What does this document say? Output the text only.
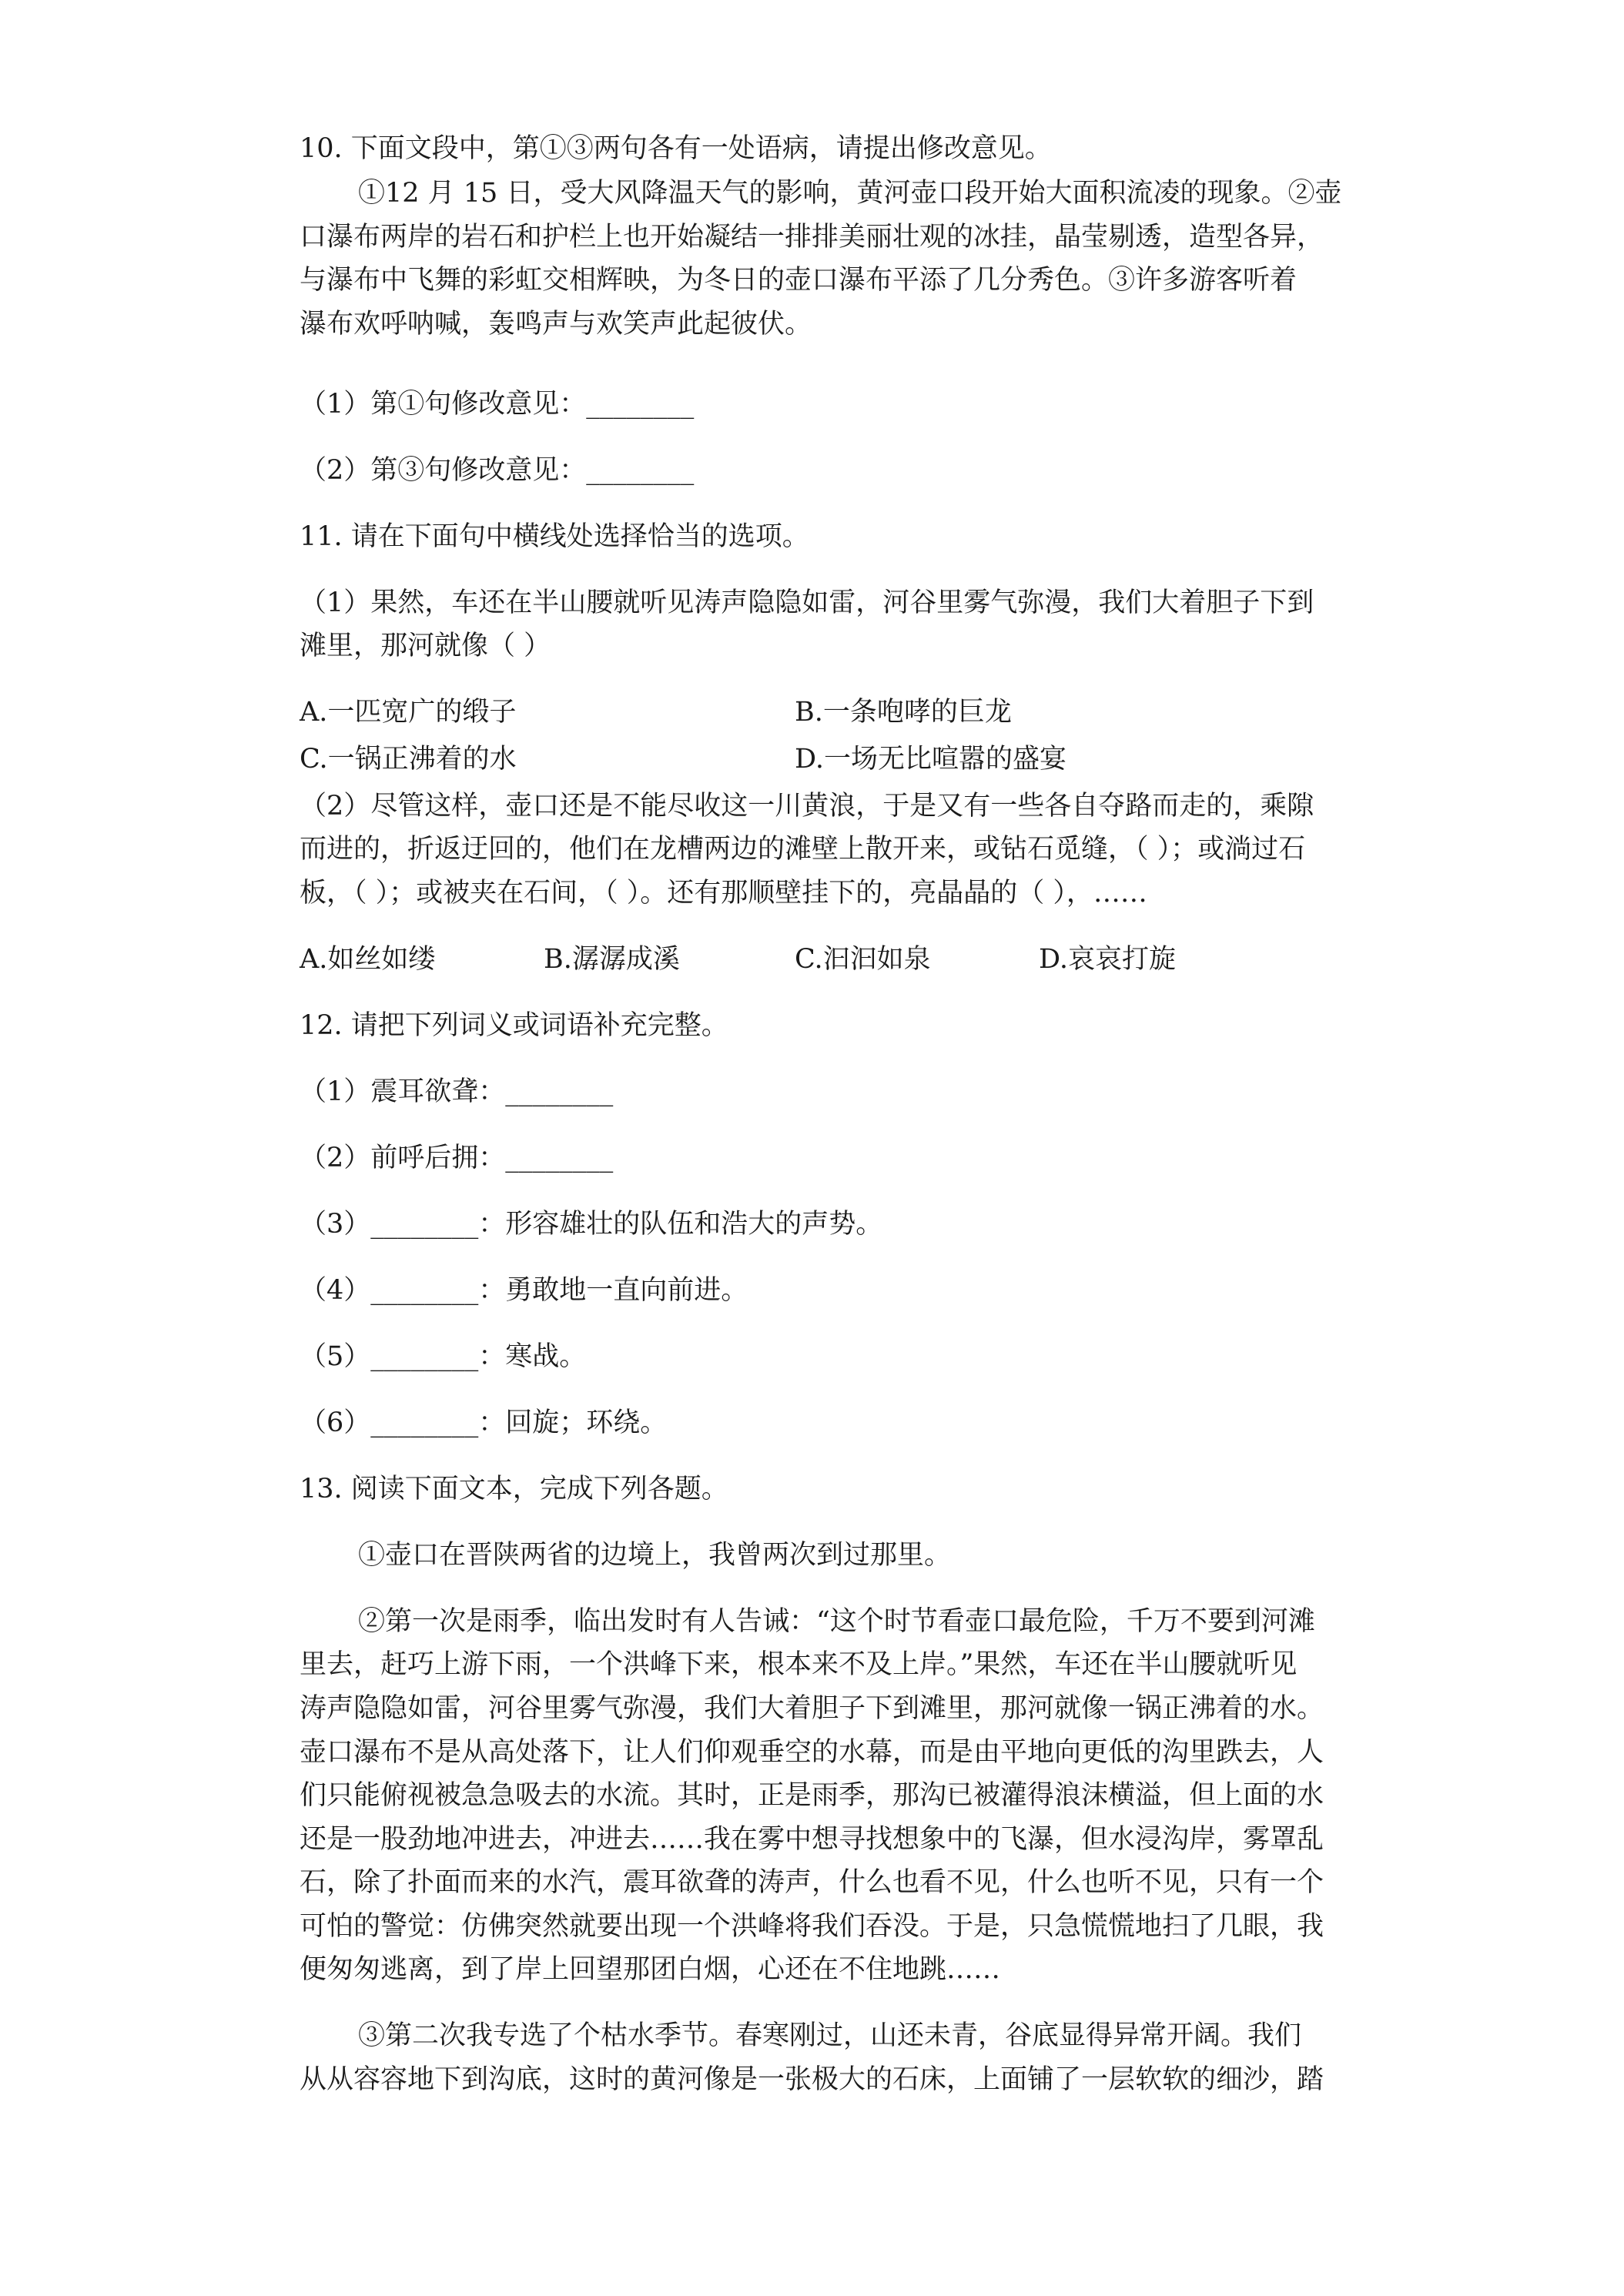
10. 下面文段中，第①③两句各有一处语病，请提出修改意见。
①12 月 15 日，受大风降温天气的影响，黄河壶口段开始大面积流凌的现象。②壶
口瀑布两岸的岩石和护栏上也开始凝结一排排美丽壮观的冰挂，晶莹剔透，造型各异，
与瀑布中飞舞的彩虹交相辉映，为冬日的壶口瀑布平添了几分秀色。③许多游客听着
瀑布欢呼呐喊，轰鸣声与欢笑声此起彼伏。
（1）第①句修改意见：________
（2）第③句修改意见：________
11. 请在下面句中横线处选择恰当的选项。
（1）果然，车还在半山腰就听见涛声隐隐如雷，河谷里雾气弥漫，我们大着胆子下到
滩里，那河就像（ ）
A.一匹宽广的缎子	B.一条咆哮的巨龙
C.一锅正沸着的水	D.一场无比喧嚣的盛宴
（2）尽管这样，壶口还是不能尽收这一川黄浪，于是又有一些各自夺路而走的，乘隙
而进的，折返迂回的，他们在龙槽两边的滩壁上散开来，或钻石觅缝，（ ）；或淌过石
板，（ ）；或被夹在石间，（ ）。还有那顺壁挂下的，亮晶晶的（ ），……
A.如丝如缕	B.潺潺成溪	C.汩汩如泉	D.哀哀打旋
12. 请把下列词义或词语补充完整。
（1）震耳欲聋：________
（2）前呼后拥：________
（3）________：形容雄壮的队伍和浩大的声势。
（4）________：勇敢地一直向前进。
（5）________：寒战。
（6）________：回旋；环绕。
13. 阅读下面文本，完成下列各题。
①壶口在晋陕两省的边境上，我曾两次到过那里。
②第一次是雨季，临出发时有人告诫：“这个时节看壶口最危险，千万不要到河滩
里去，赶巧上游下雨，一个洪峰下来，根本来不及上岸。”果然，车还在半山腰就听见
涛声隐隐如雷，河谷里雾气弥漫，我们大着胆子下到滩里，那河就像一锅正沸着的水。
壶口瀑布不是从高处落下，让人们仰观垂空的水幕，而是由平地向更低的沟里跌去，人
们只能俯视被急急吸去的水流。其时，正是雨季，那沟已被灌得浪沫横溢，但上面的水
还是一股劲地冲进去，冲进去……我在雾中想寻找想象中的飞瀑，但水浸沟岸，雾罩乱
石，除了扑面而来的水汽，震耳欲聋的涛声，什么也看不见，什么也听不见，只有一个
可怕的警觉：仿佛突然就要出现一个洪峰将我们吞没。于是，只急慌慌地扫了几眼，我
便匆匆逃离，到了岸上回望那团白烟，心还在不住地跳……
③第二次我专选了个枯水季节。春寒刚过，山还未青，谷底显得异常开阔。我们
从从容容地下到沟底，这时的黄河像是一张极大的石床，上面铺了一层软软的细沙，踏
